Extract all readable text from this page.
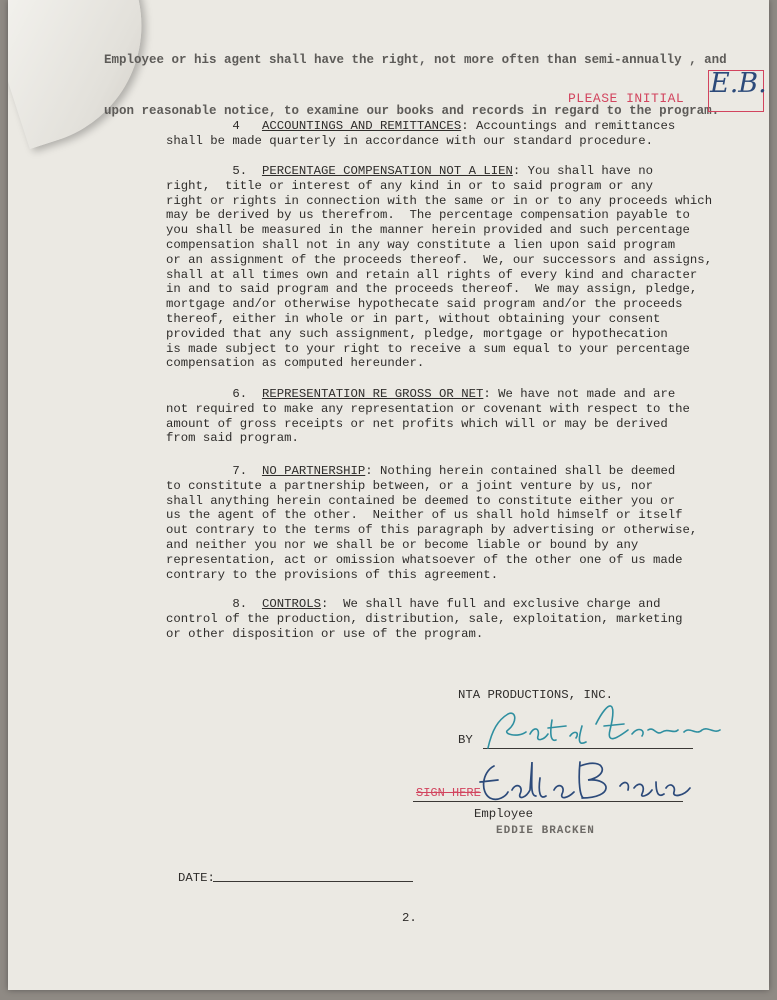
Employee or his agent shall have the right, not more often than semi-annually , and

upon reasonable notice, to examine our books and records in regard to the program.

PLEASE INITIAL E.B.
4 ACCOUNTINGS AND REMITTANCES: Accountings and remittances
shall be made quarterly in accordance with our standard procedure.
5. PERCENTAGE COMPENSATION NOT A LIEN: You shall have no
right,  title or interest of any kind in or to said program or any
right or rights in connection with the same or in or to any proceeds which
may be derived by us therefrom.  The percentage compensation payable to
you shall be measured in the manner herein provided and such percentage
compensation shall not in any way constitute a lien upon said program
or an assignment of the proceeds thereof.  We, our successors and assigns,
shall at all times own and retain all rights of every kind and character
in and to said program and the proceeds thereof.  We may assign, pledge,
mortgage and/or otherwise hypothecate said program and/or the proceeds
thereof, either in whole or in part, without obtaining your consent
provided that any such assignment, pledge, mortgage or hypothecation
is made subject to your right to receive a sum equal to your percentage
compensation as computed hereunder.
6. REPRESENTATION RE GROSS OR NET: We have not made and are
not required to make any representation or covenant with respect to the
amount of gross receipts or net profits which will or may be derived
from said program.
7. NO PARTNERSHIP: Nothing herein contained shall be deemed
to constitute a partnership between, or a joint venture by us, nor
shall anything herein contained be deemed to constitute either you or
us the agent of the other.  Neither of us shall hold himself or itself
out contrary to the terms of this paragraph by advertising or otherwise,
and neither you nor we shall be or become liable or bound by any
representation, act or omission whatsoever of the other one of us made
contrary to the provisions of this agreement.
8. CONTROLS:  We shall have full and exclusive charge and
control of the production, distribution, sale, exploitation, marketing
or other disposition or use of the program.
NTA PRODUCTIONS, INC.
BY
SIGN HERE
Employee
EDDIE BRACKEN
DATE:
2.
